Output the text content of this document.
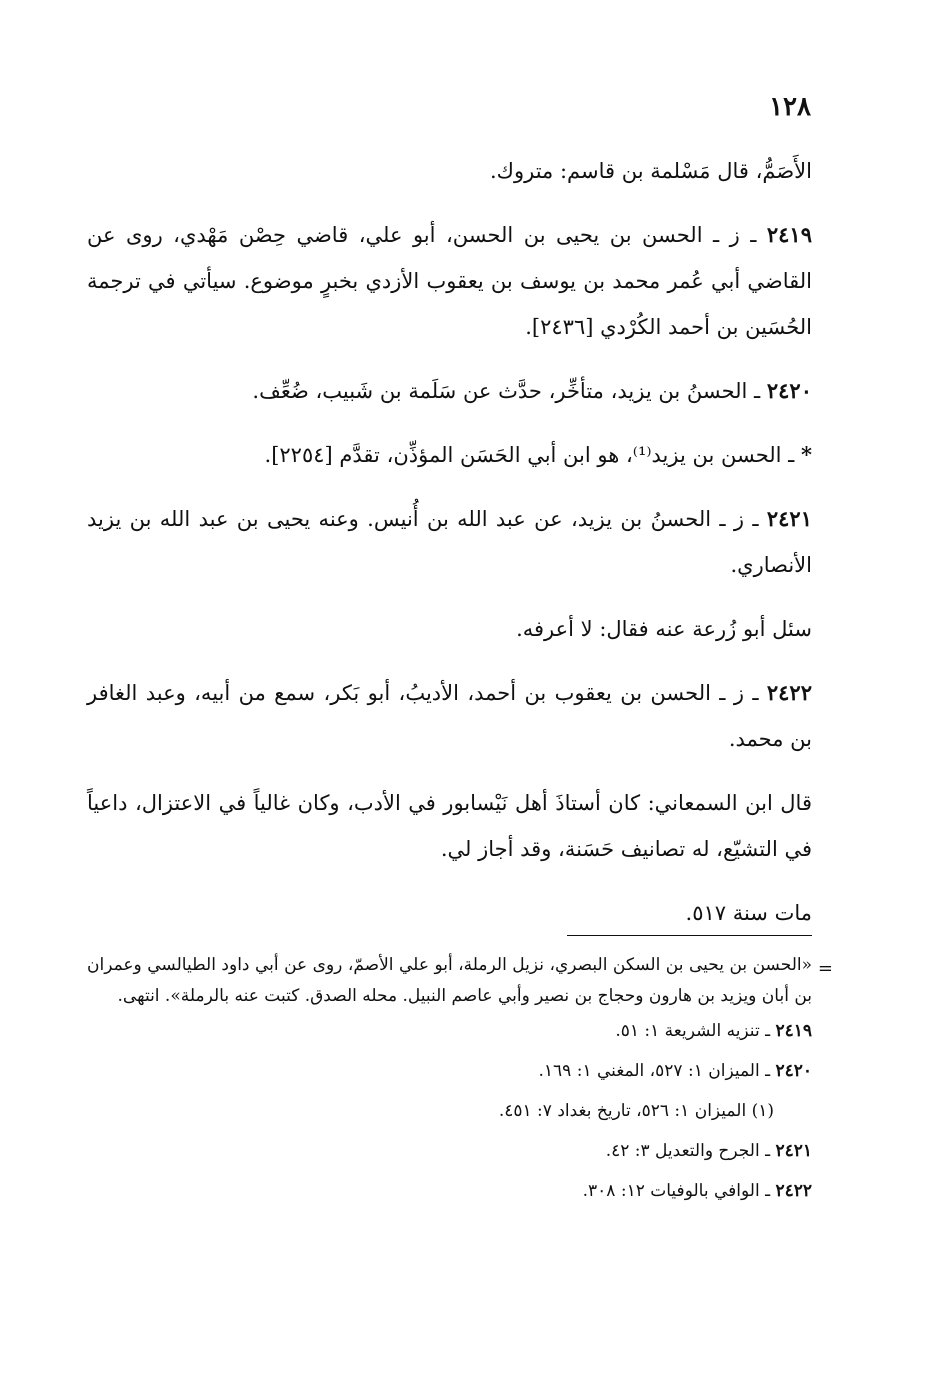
١٢٨

الأَصَمُّ، قال مَسْلمة بن قاسم: متروك.

٢٤١٩ ـ ز ـ الحسن بن يحيى بن الحسن، أبو علي، قاضي حِصْن مَهْدي، روى عن القاضي أبي عُمر محمد بن يوسف بن يعقوب الأزدي بخبرٍ موضوع. سيأتي في ترجمة الحُسَين بن أحمد الكُرْدي [٢٤٣٦].

٢٤٢٠ ـ الحسنُ بن يزيد، متأخِّر، حدَّث عن سَلَمة بن شَبيب، ضُعِّف.

* ـ الحسن بن يزيد⁽¹⁾، هو ابن أبي الحَسَن المؤذِّن، تقدَّم [٢٢٥٤].

٢٤٢١ ـ ز ـ الحسنُ بن يزيد، عن عبد الله بن أُنيس. وعنه يحيى بن عبد الله بن يزيد الأنصاري.

سئل أبو زُرعة عنه فقال: لا أعرفه.

٢٤٢٢ ـ ز ـ الحسن بن يعقوب بن أحمد، الأديبُ، أبو بَكر، سمع من أبيه، وعبد الغافر بن محمد.

قال ابن السمعاني: كان أستاذَ أهل نَيْسابور في الأدب، وكان غالياً في الاعتزال، داعياً في التشيّع، له تصانيف حَسَنة، وقد أجاز لي.

مات سنة ٥١٧.

=

«الحسن بن يحيى بن السكن البصري، نزيل الرملة، أبو علي الأصمّ، روى عن أبي داود الطيالسي وعمران بن أبان ويزيد بن هارون وحجاج بن نصير وأبي عاصم النبيل. محله الصدق. كتبت عنه بالرملة». انتهى.

٢٤١٩ ـ تنزيه الشريعة ١: ٥١.

٢٤٢٠ ـ الميزان ١: ٥٢٧، المغني ١: ١٦٩.

(١) الميزان ١: ٥٢٦، تاريخ بغداد ٧: ٤٥١.

٢٤٢١ ـ الجرح والتعديل ٣: ٤٢.

٢٤٢٢ ـ الوافي بالوفيات ١٢: ٣٠٨.
